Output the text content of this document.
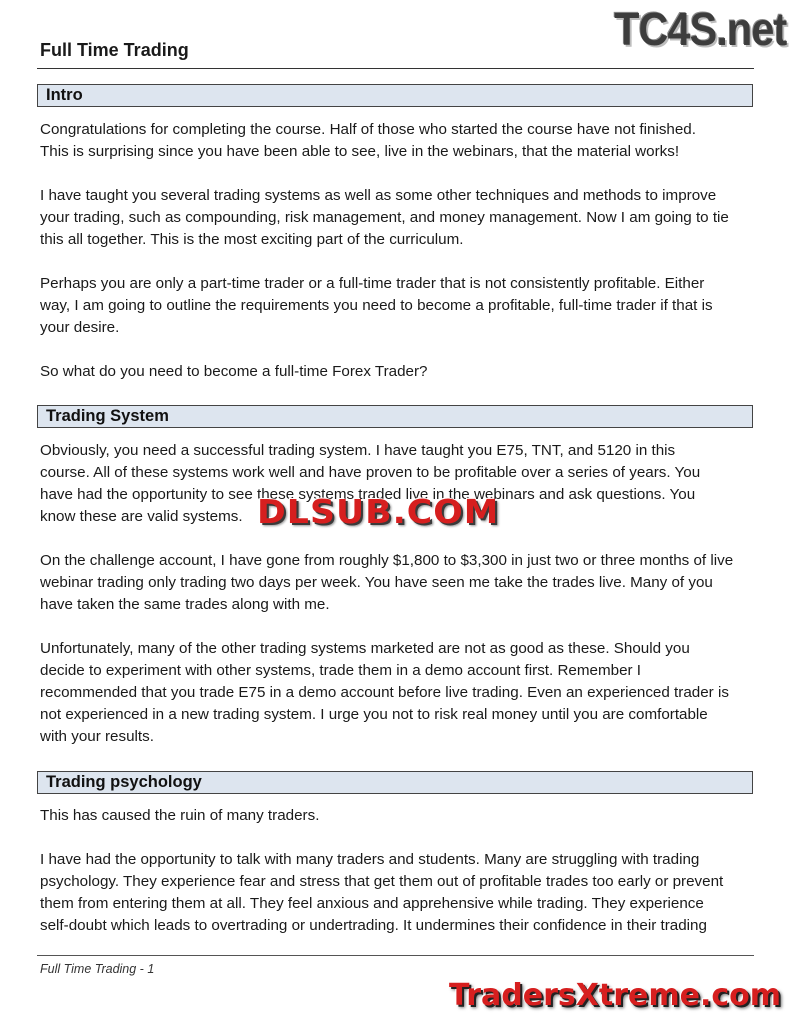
Full Time Trading
Intro

Congratulations for completing the course. Half of those who started the course have not finished.
This is surprising since you have been able to see, live in the webinars, that the material works!

I have taught you several trading systems as well as some other techniques and methods to improve
your trading, such as compounding, risk management, and money management. Now I am going to tie
this all together. This is the most exciting part of the curriculum.

Perhaps you are only a part-time trader or a full-time trader that is not consistently profitable. Either
way, I am going to outline the requirements you need to become a profitable, full-time trader if that is
your desire.

So what do you need to become a full-time Forex Trader?

Trading System

Obviously, you need a successful trading system. I have taught you E75, TNT, and 5120 in this
course. All of these systems work well and have proven to be profitable over a series of years. You
have had the opportunity to see these systems traded live in the webinars and ask questions. You
know these are valid systems.

On the challenge account, I have gone from roughly $1,800 to $3,300 in just two or three months of live
webinar trading only trading two days per week. You have seen me take the trades live. Many of you
have taken the same trades along with me.

Unfortunately, many of the other trading systems marketed are not as good as these. Should you
decide to experiment with other systems, trade them in a demo account first. Remember I
recommended that you trade E75 in a demo account before live trading. Even an experienced trader is
not experienced in a new trading system. I urge you not to risk real money until you are comfortable
with your results.

Trading psychology

This has caused the ruin of many traders.

I have had the opportunity to talk with many traders and students. Many are struggling with trading
psychology. They experience fear and stress that get them out of profitable trades too early or prevent
them from entering them at all. They feel anxious and apprehensive while trading. They experience
self-doubt which leads to overtrading or undertrading. It undermines their confidence in their trading

Full Time Trading - 1
TC4S.net
DLSUB.COM
TradersXtreme.com
